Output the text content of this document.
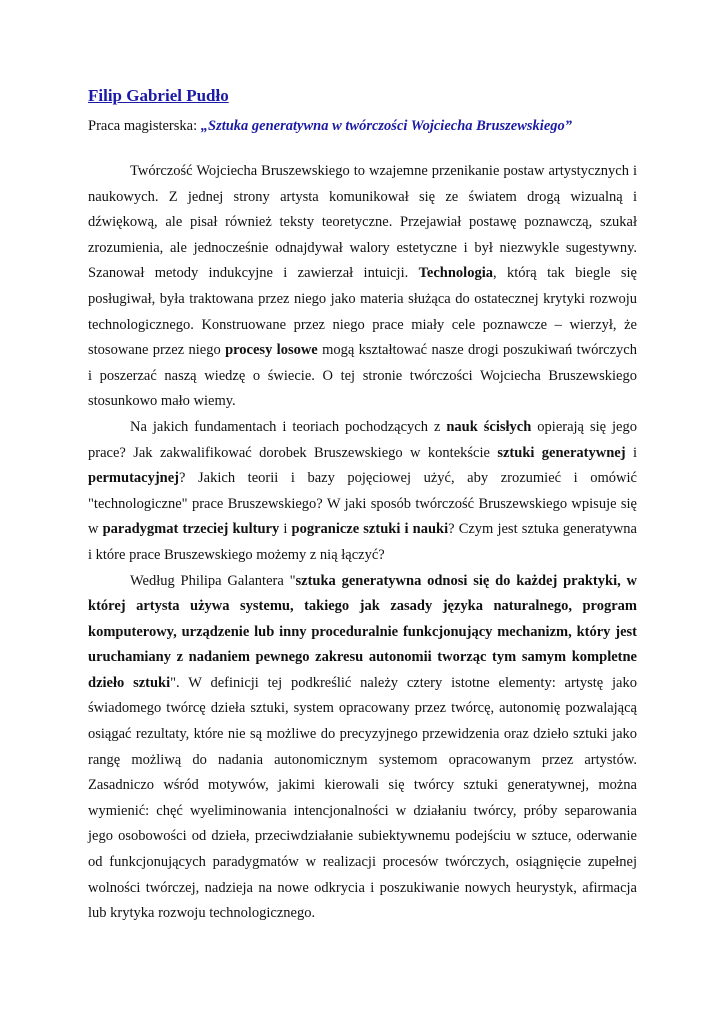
Filip Gabriel Pudło

Praca magisterska: „Sztuka generatywna w twórczości Wojciecha Bruszewskiego”

Twórczość Wojciecha Bruszewskiego to wzajemne przenikanie postaw artystycznych i naukowych. Z jednej strony artysta komunikował się ze światem drogą wizualną i dźwiękową, ale pisał również teksty teoretyczne. Przejawiał postawę poznawczą, szukał zrozumienia, ale jednocześnie odnajdywał walory estetyczne i był niezwykle sugestywny. Szanował metody indukcyjne i zawierzał intuicji. Technologia, którą tak biegle się posługiwał, była traktowana przez niego jako materia służąca do ostatecznej krytyki rozwoju technologicznego. Konstruowane przez niego prace miały cele poznawcze – wierzył, że stosowane przez niego procesy losowe mogą kształtować nasze drogi poszukiwań twórczych i poszerzać naszą wiedzę o świecie. O tej stronie twórczości Wojciecha Bruszewskiego stosunkowo mało wiemy.

Na jakich fundamentach i teoriach pochodzących z nauk ścisłych opierają się jego prace? Jak zakwalifikować dorobek Bruszewskiego w kontekście sztuki generatywnej i permutacyjnej? Jakich teorii i bazy pojęciowej użyć, aby zrozumieć i omówić "technologiczne" prace Bruszewskiego? W jaki sposób twórczość Bruszewskiego wpisuje się w paradygmat trzeciej kultury i pogranicze sztuki i nauki? Czym jest sztuka generatywna i które prace Bruszewskiego możemy z nią łączyć?

Według Philipa Galantera "sztuka generatywna odnosi się do każdej praktyki, w której artysta używa systemu, takiego jak zasady języka naturalnego, program komputerowy, urządzenie lub inny proceduralnie funkcjonujący mechanizm, który jest uruchamiany z nadaniem pewnego zakresu autonomii tworząc tym samym kompletne dzieło sztuki". W definicji tej podkreślić należy cztery istotne elementy: artystę jako świadomego twórcę dzieła sztuki, system opracowany przez twórcę, autonomię pozwalającą osiągać rezultaty, które nie są możliwe do precyzyjnego przewidzenia oraz dzieło sztuki jako rangę możliwą do nadania autonomicznym systemom opracowanym przez artystów. Zasadniczo wśród motywów, jakimi kierowali się twórcy sztuki generatywnej, można wymienić: chęć wyeliminowania intencjonalności w działaniu twórcy, próby separowania jego osobowości od dzieła, przeciwdziałanie subiektywnemu podejściu w sztuce, oderwanie od funkcjonujących paradygmatów w realizacji procesów twórczych, osiągnięcie zupełnej wolności twórczej, nadzieja na nowe odkrycia i poszukiwanie nowych heurystyk, afirmacja lub krytyka rozwoju technologicznego.
